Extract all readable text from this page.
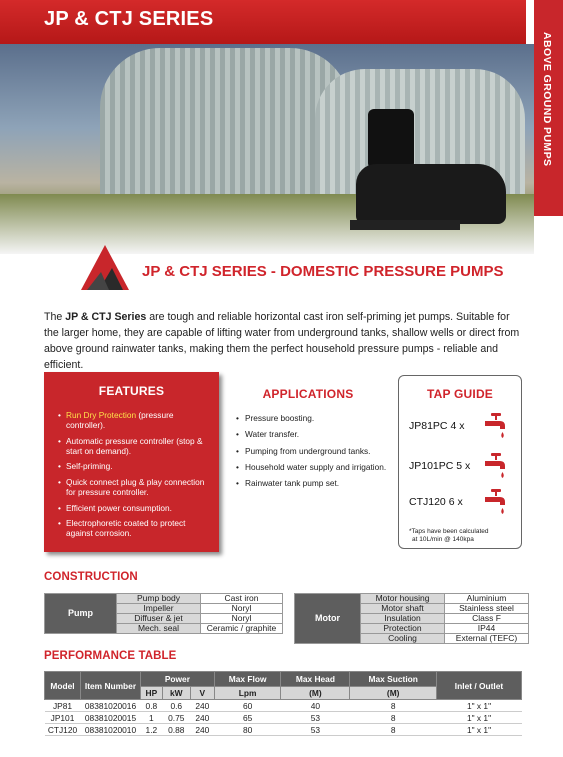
JP & CTJ SERIES
ABOVE GROUND PUMPS
JP & CTJ SERIES - DOMESTIC PRESSURE PUMPS

The JP & CTJ Series are tough and reliable horizontal cast iron self-priming jet pumps. Suitable for the larger home, they are capable of lifting water from underground tanks, shallow wells or direct from above ground rainwater tanks, making them the perfect household pressure pumps - reliable and efficient.

FEATURES
• Run Dry Protection (pressure controller).
• Automatic pressure controller (stop & start on demand).
• Self-priming.
• Quick connect plug & play connection for pressure controller.
• Efficient power consumption.
• Electrophoretic coated to protect against corrosion.
APPLICATIONS
• Pressure boosting.
• Water transfer.
• Pumping from underground tanks.
• Household water supply and irrigation.
• Rainwater tank pump set.
TAP GUIDE
JP81PC 4 x
JP101PC 5 x
CTJ120 6 x
*Taps have been calculated
at 10L/min @ 140kpa
CONSTRUCTION
Pump	Pump body	Cast iron
	Impeller	Noryl
	Diffuser & jet	Noryl
	Mech. seal	Ceramic / graphite
Motor	Motor housing	Aluminium
	Motor shaft	Stainless steel
	Insulation	Class F
	Protection	IP44
	Cooling	External (TEFC)
PERFORMANCE TABLE
Model	Item Number	Power			Max Flow	Max Head	Max Suction	Inlet / Outlet
		HP	kW	V	Lpm	(M)	(M)	
JP81	08381020016	0.8	0.6	240	60	40	8	1" x 1"
JP101	08381020015	1	0.75	240	65	53	8	1" x 1"
CTJ120	08381020010	1.2	0.88	240	80	53	8	1" x 1"
